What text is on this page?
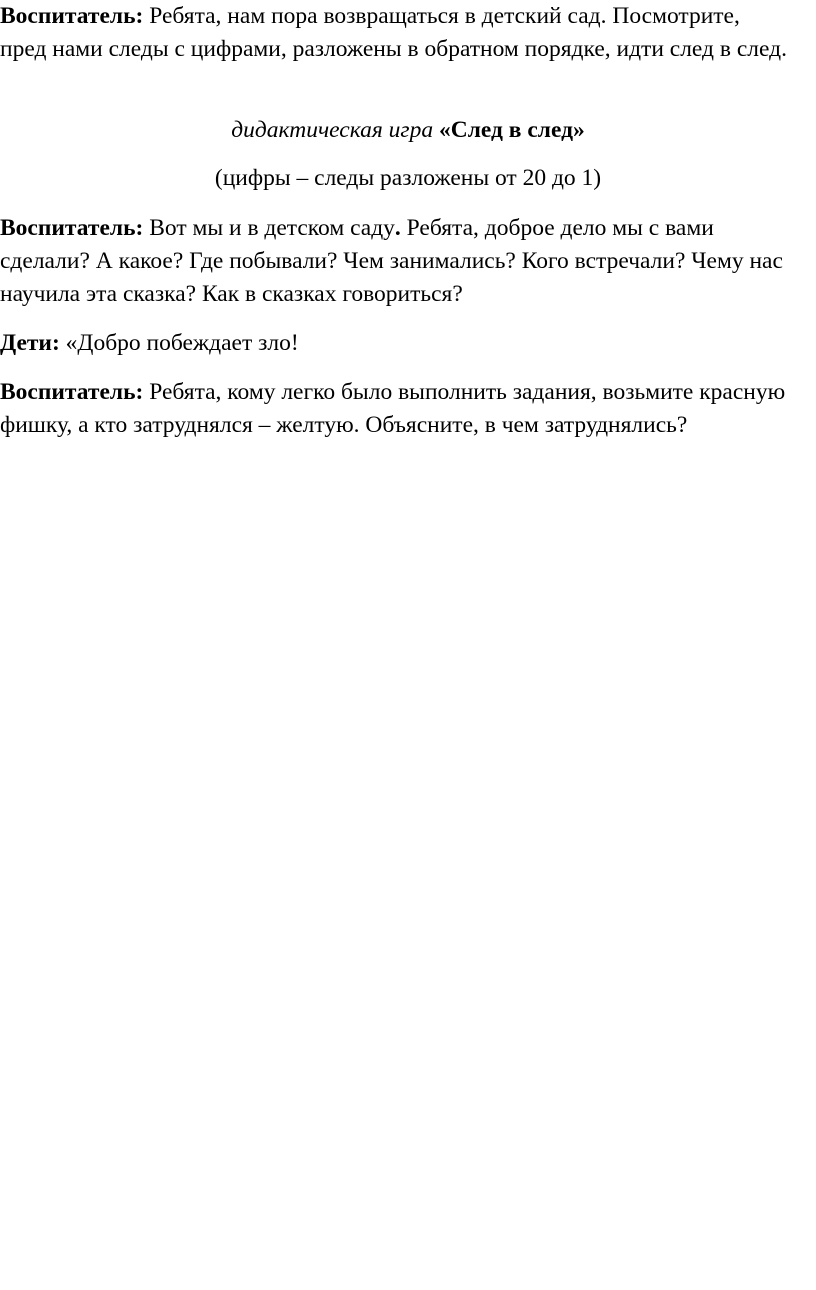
Воспитатель: Ребята, нам пора возвращаться в детский сад. Посмотрите, пред нами следы с цифрами, разложены в обратном порядке, идти след в след.

дидактическая игра «След в след»

(цифры – следы разложены от 20 до 1)

Воспитатель: Вот мы и в детском саду. Ребята, доброе дело мы с вами сделали? А какое? Где побывали? Чем занимались? Кого встречали? Чему нас научила эта сказка? Как в сказках говориться?

Дети: «Добро побеждает зло!

Воспитатель: Ребята, кому легко было выполнить задания, возьмите красную фишку, а кто затруднялся – желтую. Объясните, в чем затруднялись?
